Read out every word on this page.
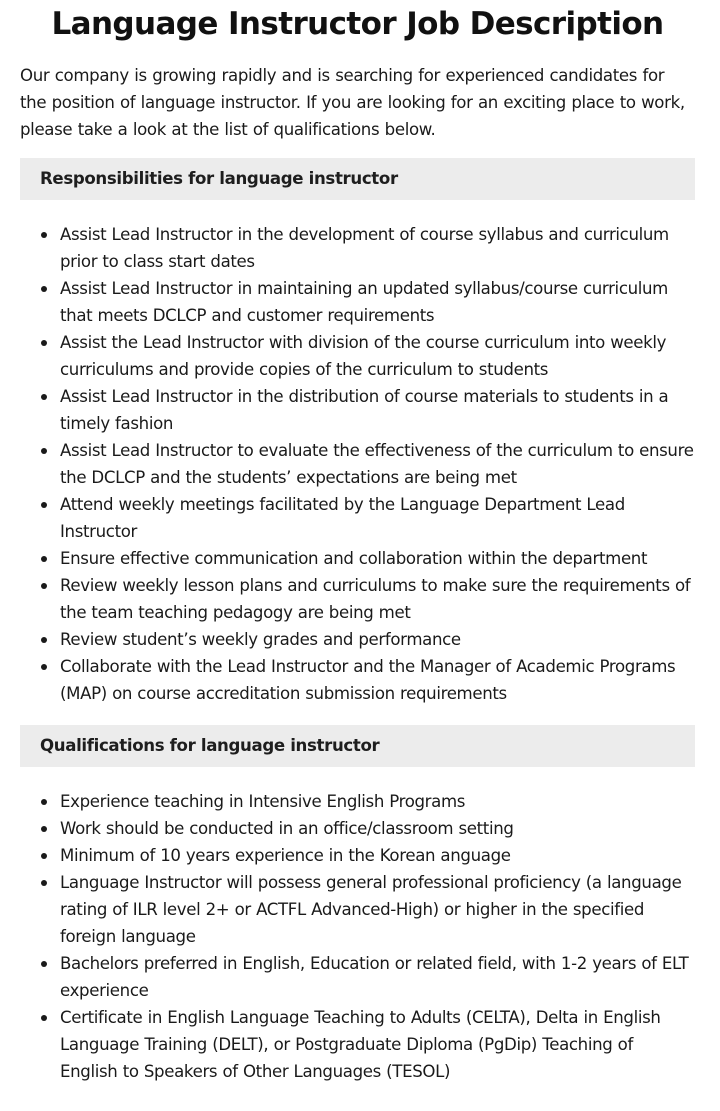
Language Instructor Job Description

Our company is growing rapidly and is searching for experienced candidates for the position of language instructor. If you are looking for an exciting place to work, please take a look at the list of qualifications below.

Responsibilities for language instructor
Assist Lead Instructor in the development of course syllabus and curriculum prior to class start dates
Assist Lead Instructor in maintaining an updated syllabus/course curriculum that meets DCLCP and customer requirements
Assist the Lead Instructor with division of the course curriculum into weekly curriculums and provide copies of the curriculum to students
Assist Lead Instructor in the distribution of course materials to students in a timely fashion
Assist Lead Instructor to evaluate the effectiveness of the curriculum to ensure the DCLCP and the students’ expectations are being met
Attend weekly meetings facilitated by the Language Department Lead Instructor
Ensure effective communication and collaboration within the department
Review weekly lesson plans and curriculums to make sure the requirements of the team teaching pedagogy are being met
Review student’s weekly grades and performance
Collaborate with the Lead Instructor and the Manager of Academic Programs (MAP) on course accreditation submission requirements
Qualifications for language instructor
Experience teaching in Intensive English Programs
Work should be conducted in an office/classroom setting
Minimum of 10 years experience in the Korean anguage
Language Instructor will possess general professional proficiency (a language rating of ILR level 2+ or ACTFL Advanced-High) or higher in the specified foreign language
Bachelors preferred in English, Education or related field, with 1-2 years of ELT experience
Certificate in English Language Teaching to Adults (CELTA), Delta in English Language Training (DELT), or Postgraduate Diploma (PgDip) Teaching of English to Speakers of Other Languages (TESOL)
